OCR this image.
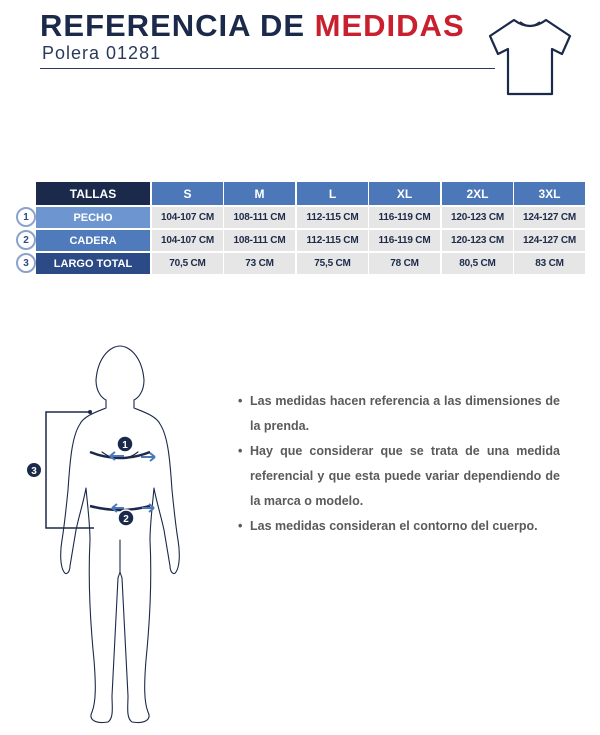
REFERENCIA DE MEDIDAS
Polera 01281
TALLAS	S	M	L	XL	2XL	3XL
PECHO
1	104-107 CM 108-111 CM 112-115 CM 116-119 CM 120-123 CM 124-127 CM
CADERA
2	104-107 CM 108-111 CM 112-115 CM 116-119 CM 120-123 CM 124-127 CM
LARGO TOTAL
3	70,5 CM	73 CM	75,5 CM	78 CM	80,5 CM	83 CM
3
1
2
• Las medidas hacen referencia a las dimensiones de la prenda.
• Hay que considerar que se trata de una medida referencial y que esta puede variar dependiendo de la marca o modelo.
• Las medidas consideran el contorno del cuerpo.
